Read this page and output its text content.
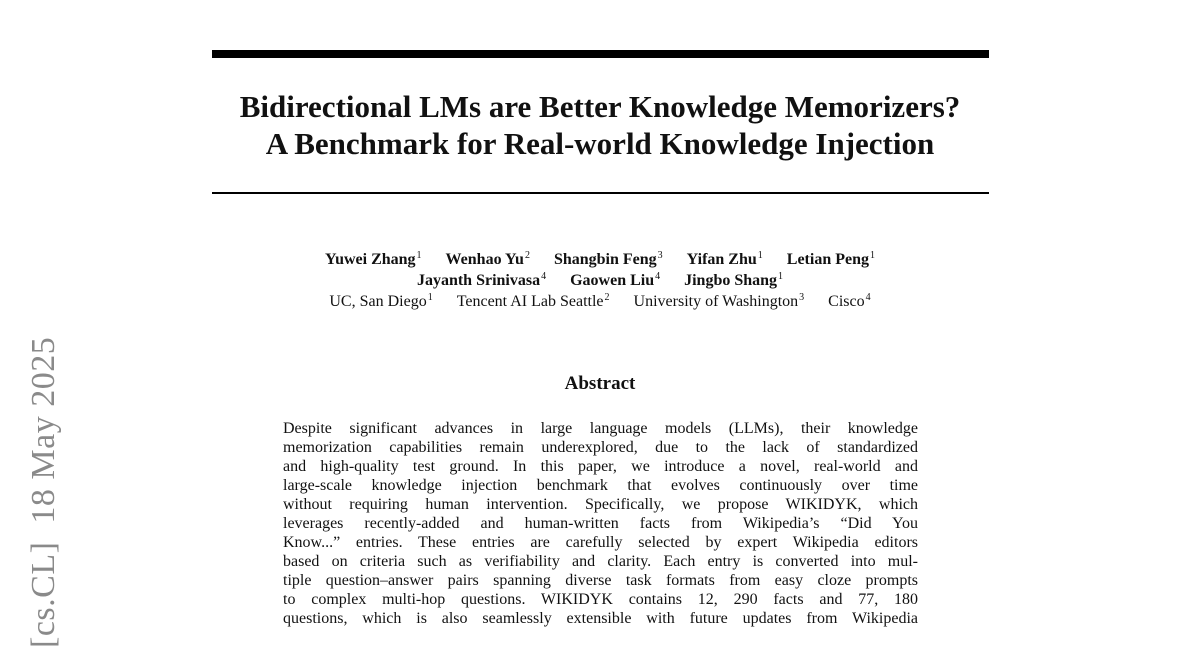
[cs.CL]18 May 2025
Bidirectional LMs are Better Knowledge Memorizers?
A Benchmark for Real-world Knowledge Injection
Yuwei Zhang$^1$ Wenhao Yu$^2$ Shangbin Feng$^3$ Yifan Zhu$^1$ Letian Peng$^1$
Jayanth Srinivasa$^4$ Gaowen Liu$^4$ Jingbo Shang$^1$
UC, San Diego$^1$ Tencent AI Lab Seattle$^2$ University of Washington$^3$ Cisco$^4$
Abstract
Despite significant advances in large language models (LLMs), their knowledge
memorization capabilities remain underexplored, due to the lack of standardized
and high-quality test ground. In this paper, we introduce a novel, real-world and
large-scale knowledge injection benchmark that evolves continuously over time
without requiring human intervention. Specifically, we propose WIKIDYK, which
leverages recently-added and human-written facts from Wikipedia’s “Did You
Know...” entries. These entries are carefully selected by expert Wikipedia editors
based on criteria such as verifiability and clarity. Each entry is converted into mul-
tiple question–answer pairs spanning diverse task formats from easy cloze prompts
to complex multi-hop questions. WIKIDYK contains 12, 290 facts and 77, 180
questions, which is also seamlessly extensible with future updates from Wikipedia
